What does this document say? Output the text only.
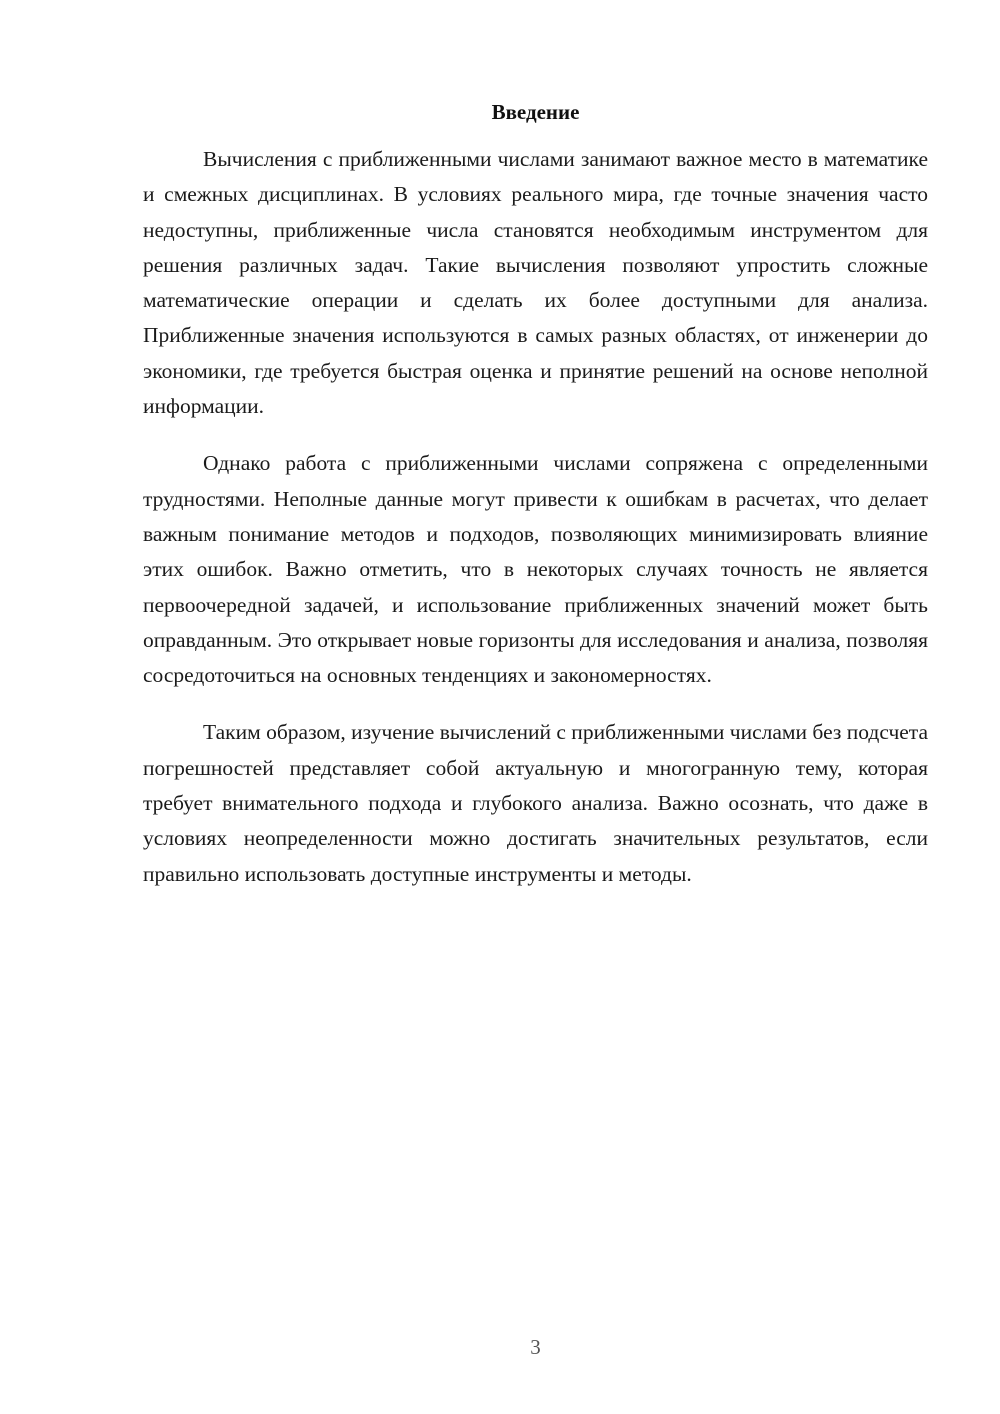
Введение

Вычисления с приближенными числами занимают важное место в математике и смежных дисциплинах. В условиях реального мира, где точные значения часто недоступны, приближенные числа становятся необходимым инструментом для решения различных задач. Такие вычисления позволяют упростить сложные математические операции и сделать их более доступными для анализа. Приближенные значения используются в самых разных областях, от инженерии до экономики, где требуется быстрая оценка и принятие решений на основе неполной информации.

Однако работа с приближенными числами сопряжена с определенными трудностями. Неполные данные могут привести к ошибкам в расчетах, что делает важным понимание методов и подходов, позволяющих минимизировать влияние этих ошибок. Важно отметить, что в некоторых случаях точность не является первоочередной задачей, и использование приближенных значений может быть оправданным. Это открывает новые горизонты для исследования и анализа, позволяя сосредоточиться на основных тенденциях и закономерностях.

Таким образом, изучение вычислений с приближенными числами без подсчета погрешностей представляет собой актуальную и многогранную тему, которая требует внимательного подхода и глубокого анализа. Важно осознать, что даже в условиях неопределенности можно достигать значительных результатов, если правильно использовать доступные инструменты и методы.

3
